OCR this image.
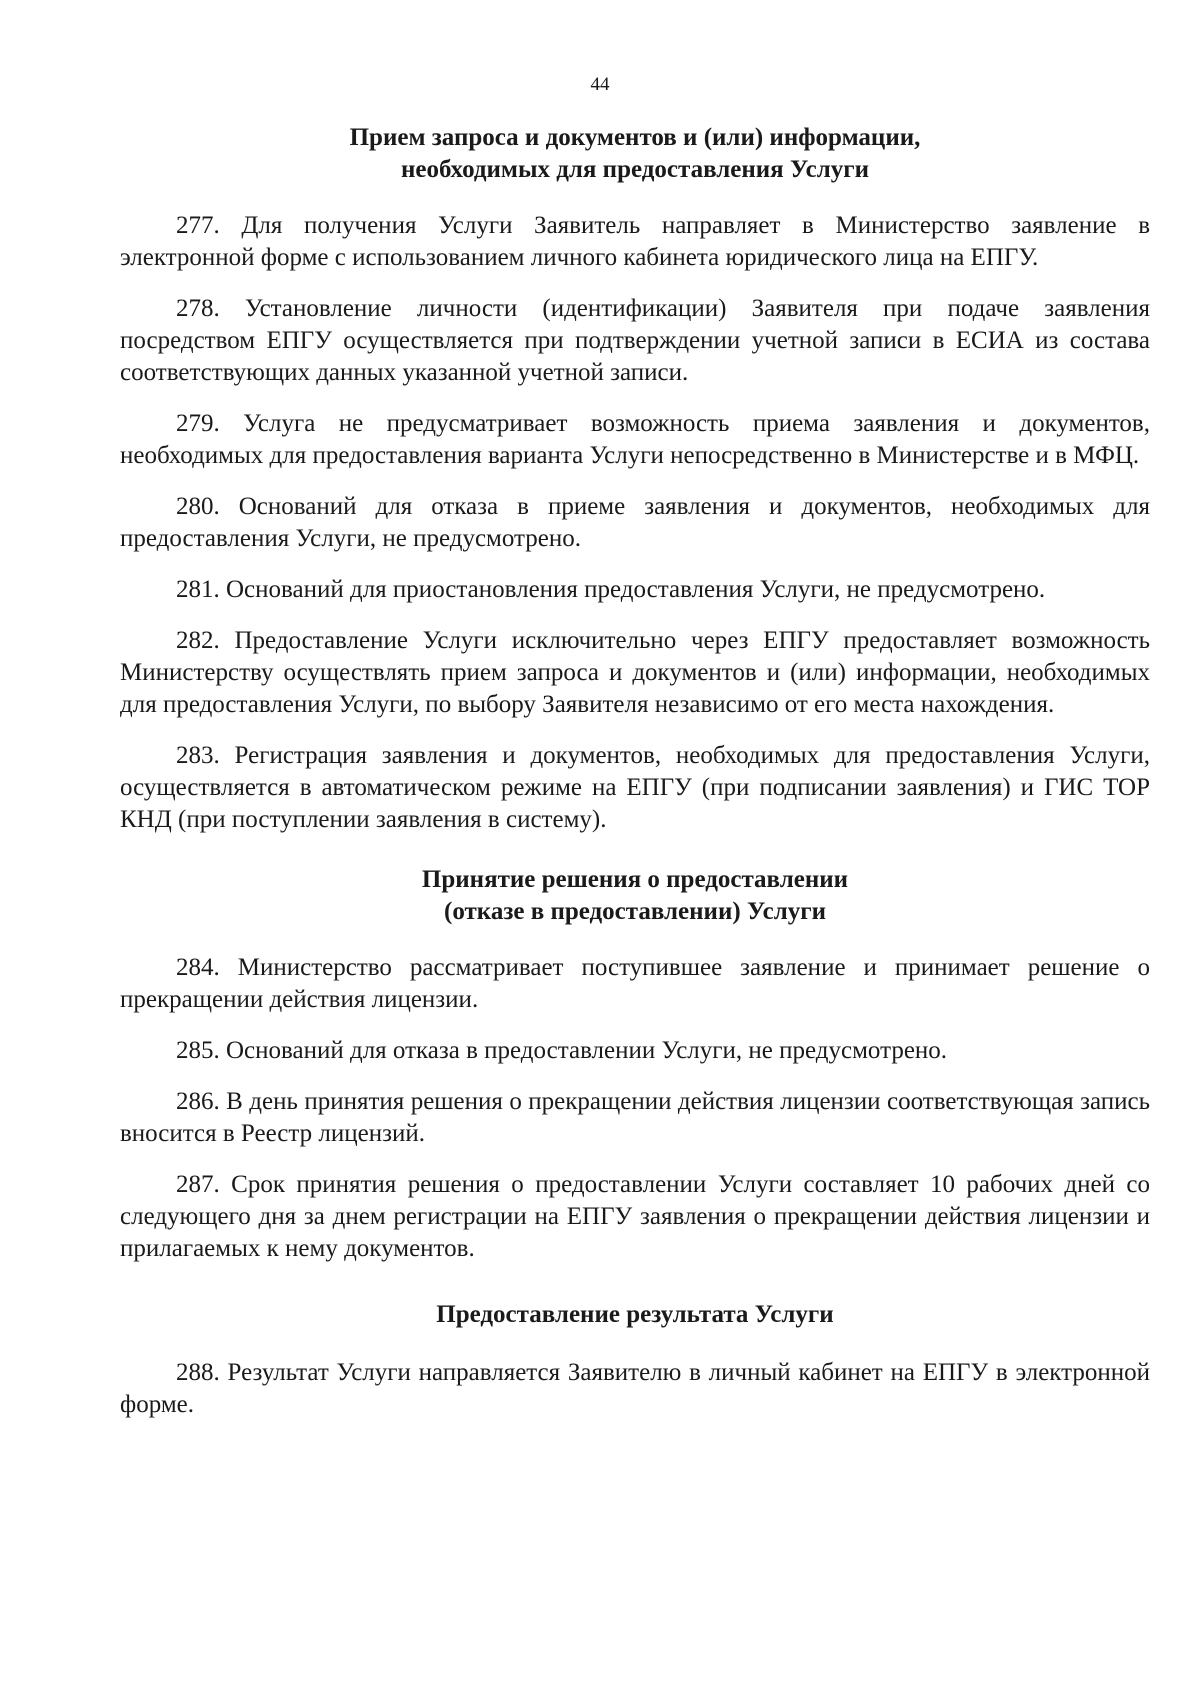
44
Прием запроса и документов и (или) информации,
необходимых для предоставления Услуги

277. Для получения Услуги Заявитель направляет в Министерство заявление в электронной форме с использованием личного кабинета юридического лица на ЕПГУ.

278. Установление личности (идентификации) Заявителя при подаче заявления посредством ЕПГУ осуществляется при подтверждении учетной записи в ЕСИА из состава соответствующих данных указанной учетной записи.

279. Услуга не предусматривает возможность приема заявления и документов, необходимых для предоставления варианта Услуги непосредственно в Министерстве и в МФЦ.

280. Оснований для отказа в приеме заявления и документов, необходимых для предоставления Услуги, не предусмотрено.

281. Оснований для приостановления предоставления Услуги, не предусмотрено.

282. Предоставление Услуги исключительно через ЕПГУ предоставляет возможность Министерству осуществлять прием запроса и документов и (или) информации, необходимых для предоставления Услуги, по выбору Заявителя независимо от его места нахождения.

283. Регистрация заявления и документов, необходимых для предоставления Услуги, осуществляется в автоматическом режиме на ЕПГУ (при подписании заявления) и ГИС ТОР КНД (при поступлении заявления в систему).

Принятие решения о предоставлении
(отказе в предоставлении) Услуги

284. Министерство рассматривает поступившее заявление и принимает решение о прекращении действия лицензии.

285. Оснований для отказа в предоставлении Услуги, не предусмотрено.

286. В день принятия решения о прекращении действия лицензии соответствующая запись вносится в Реестр лицензий.

287. Срок принятия решения о предоставлении Услуги составляет 10 рабочих дней со следующего дня за днем регистрации на ЕПГУ заявления о прекращении действия лицензии и прилагаемых к нему документов.

Предоставление результата Услуги

288. Результат Услуги направляется Заявителю в личный кабинет на ЕПГУ в электронной форме.
